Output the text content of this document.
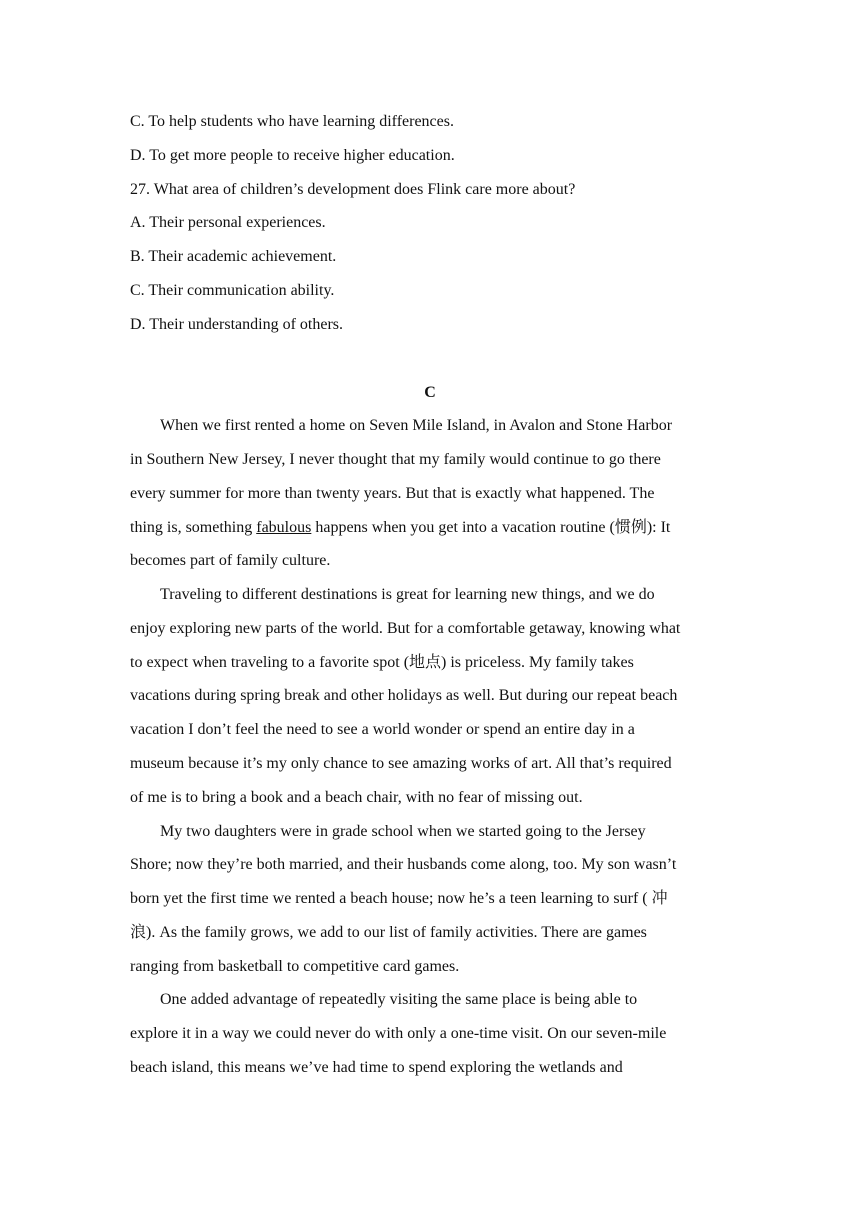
C. To help students who have learning differences.
D. To get more people to receive higher education.
27. What area of children’s development does Flink care more about?
A. Their personal experiences.
B. Their academic achievement.
C. Their communication ability.
D. Their understanding of others.
C
When we first rented a home on Seven Mile Island, in Avalon and Stone Harbor
in Southern New Jersey, I never thought that my family would continue to go there
every summer for more than twenty years. But that is exactly what happened. The
thing is, something fabulous happens when you get into a vacation routine (惯例): It
becomes part of family culture.
Traveling to different destinations is great for learning new things, and we do
enjoy exploring new parts of the world. But for a comfortable getaway, knowing what
to expect when traveling to a favorite spot (地点) is priceless. My family takes
vacations during spring break and other holidays as well. But during our repeat beach
vacation I don’t feel the need to see a world wonder or spend an entire day in a
museum because it’s my only chance to see amazing works of art. All that’s required
of me is to bring a book and a beach chair, with no fear of missing out.
My two daughters were in grade school when we started going to the Jersey
Shore; now they’re both married, and their husbands come along, too. My son wasn’t
born yet the first time we rented a beach house; now he’s a teen learning to surf ( 冲
浪). As the family grows, we add to our list of family activities. There are games
ranging from basketball to competitive card games.
One added advantage of repeatedly visiting the same place is being able to
explore it in a way we could never do with only a one-time visit. On our seven-mile
beach island, this means we’ve had time to spend exploring the wetlands and
